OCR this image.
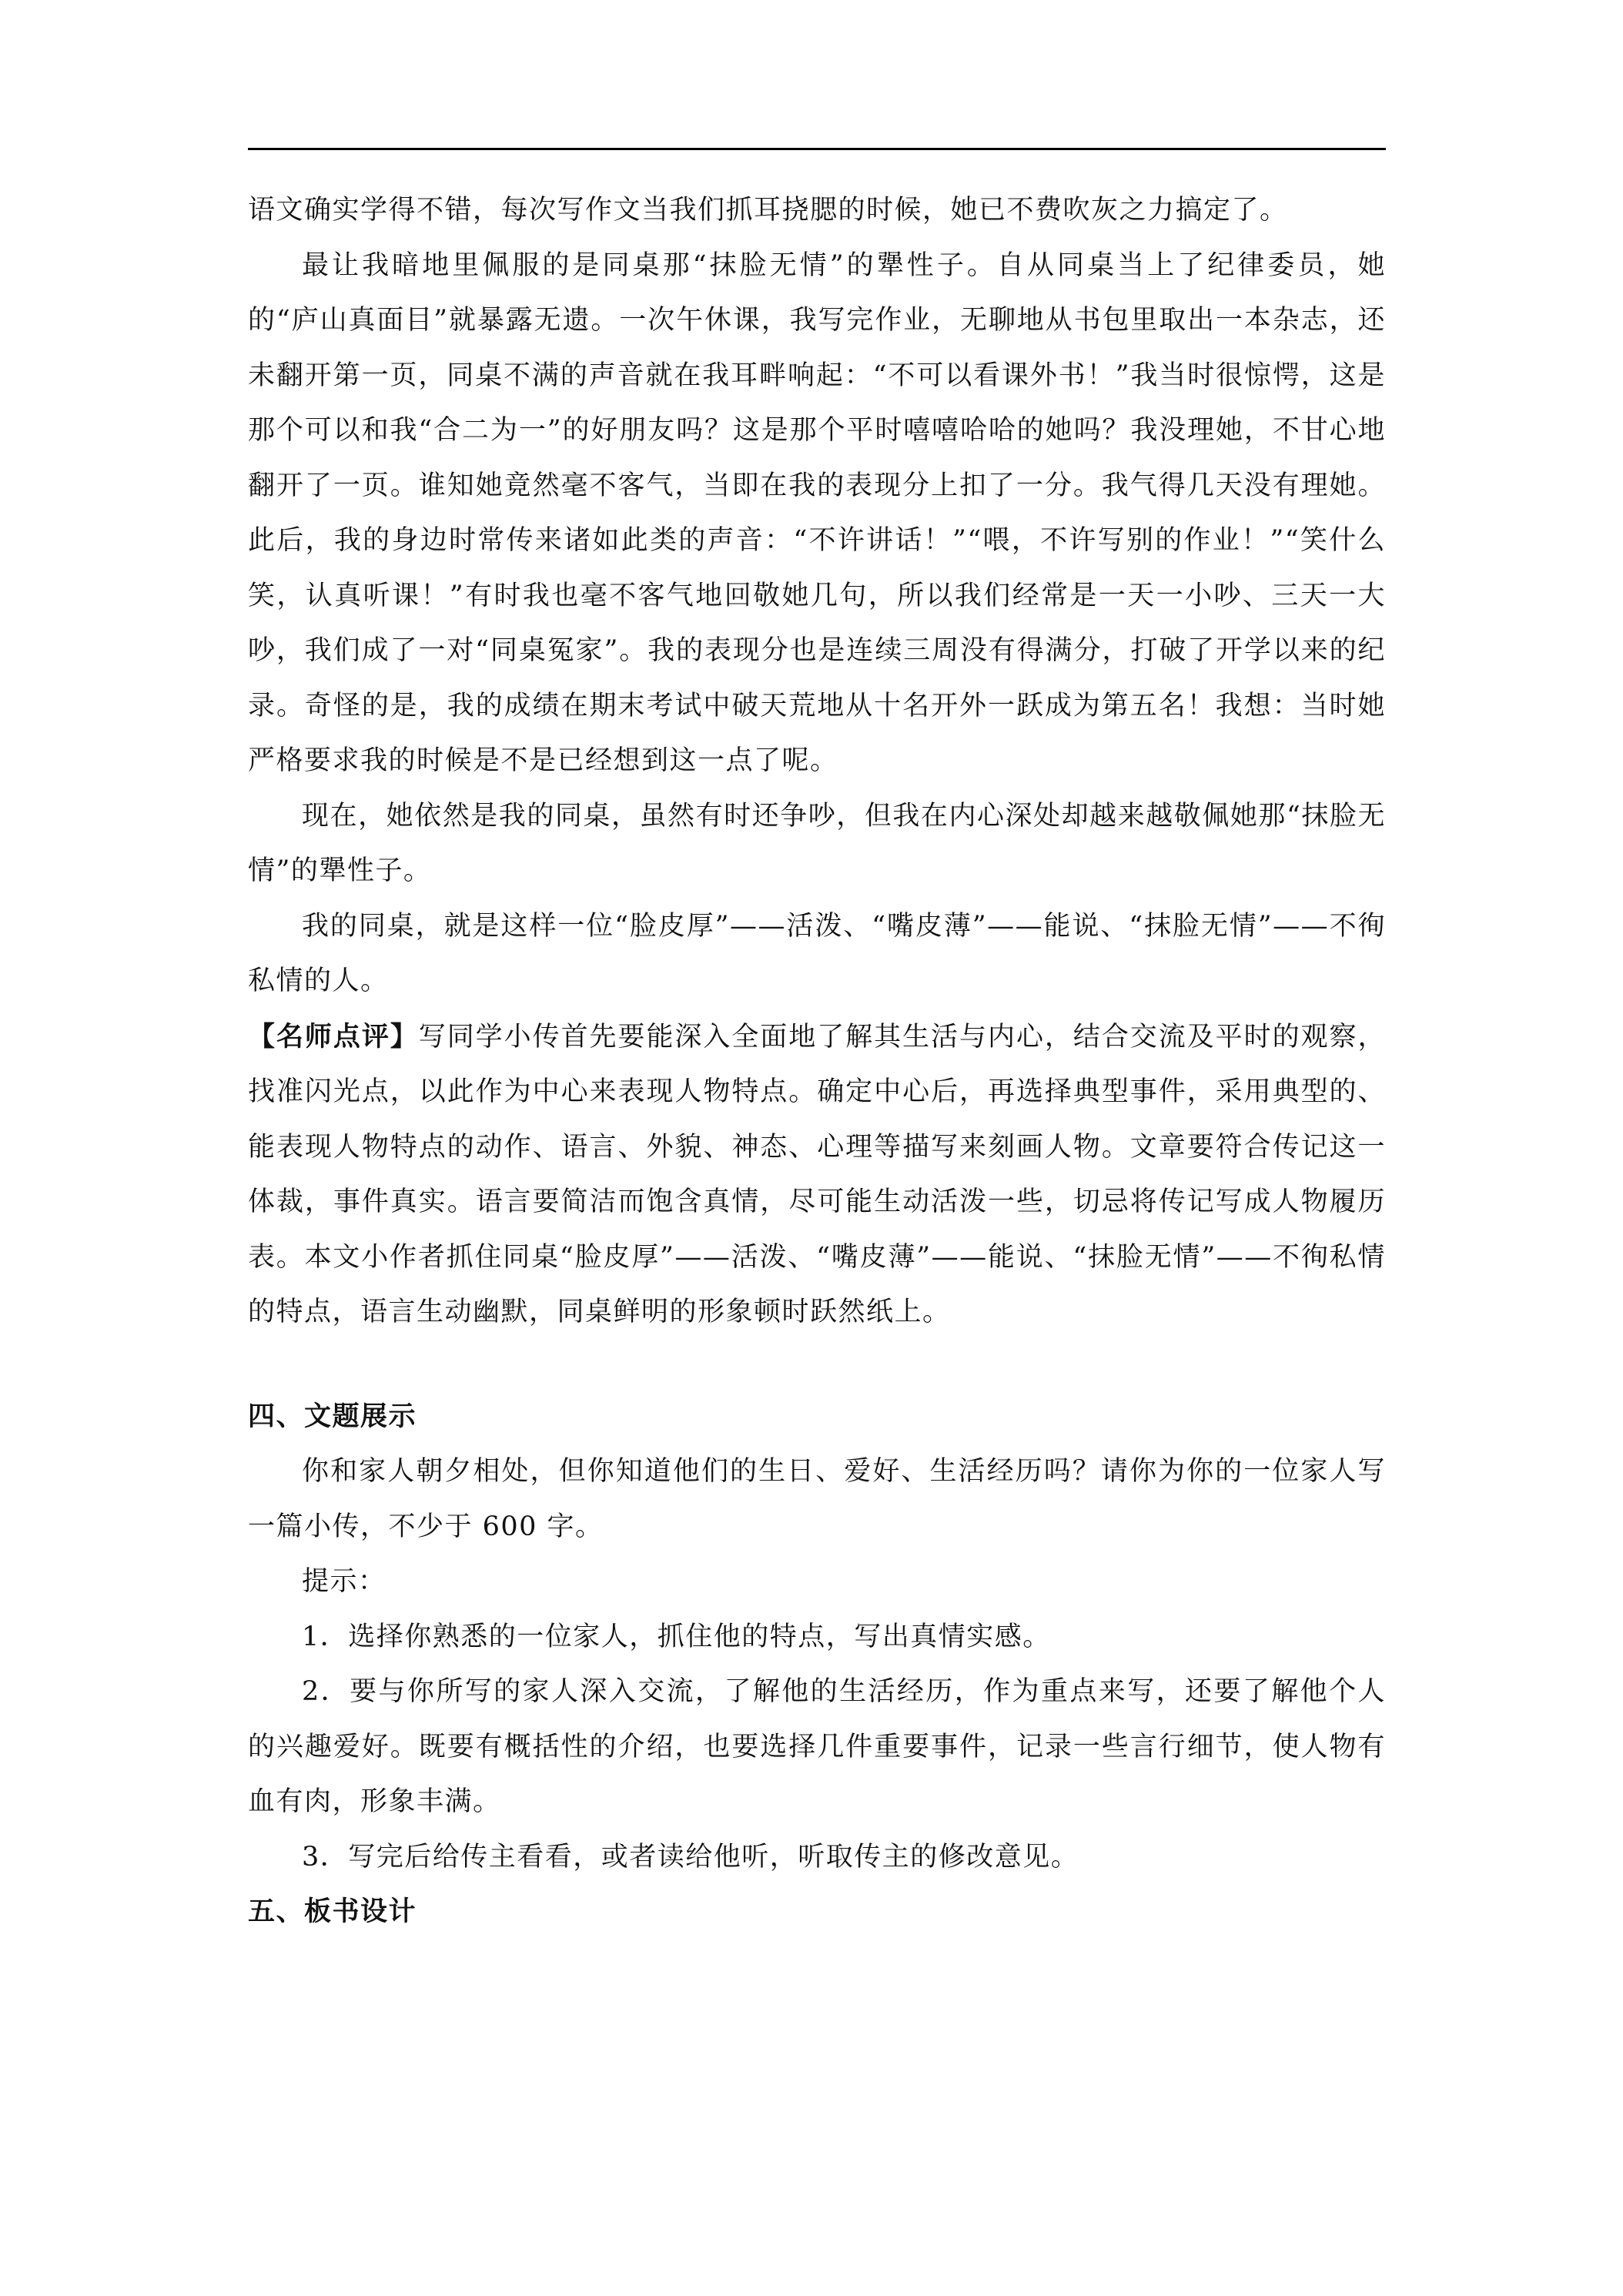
语文确实学得不错，每次写作文当我们抓耳挠腮的时候，她已不费吹灰之力搞定了。

最让我暗地里佩服的是同桌那“抹脸无情”的犟性子。自从同桌当上了纪律委员，她的“庐山真面目”就暴露无遗。一次午休课，我写完作业，无聊地从书包里取出一本杂志，还未翻开第一页，同桌不满的声音就在我耳畔响起：“不可以看课外书！”我当时很惊愕，这是那个可以和我“合二为一”的好朋友吗？这是那个平时嘻嘻哈哈的她吗？我没理她，不甘心地翻开了一页。谁知她竟然毫不客气，当即在我的表现分上扣了一分。我气得几天没有理她。此后，我的身边时常传来诸如此类的声音：“不许讲话！”“喂，不许写别的作业！”“笑什么笑，认真听课！”有时我也毫不客气地回敬她几句，所以我们经常是一天一小吵、三天一大吵，我们成了一对“同桌冤家”。我的表现分也是连续三周没有得满分，打破了开学以来的纪录。奇怪的是，我的成绩在期末考试中破天荒地从十名开外一跃成为第五名！我想：当时她严格要求我的时候是不是已经想到这一点了呢。

现在，她依然是我的同桌，虽然有时还争吵，但我在内心深处却越来越敬佩她那“抹脸无情”的犟性子。

我的同桌，就是这样一位“脸皮厚”——活泼、“嘴皮薄”——能说、“抹脸无情”——不徇私情的人。

【名师点评】写同学小传首先要能深入全面地了解其生活与内心，结合交流及平时的观察，找准闪光点，以此作为中心来表现人物特点。确定中心后，再选择典型事件，采用典型的、能表现人物特点的动作、语言、外貌、神态、心理等描写来刻画人物。文章要符合传记这一体裁，事件真实。语言要简洁而饱含真情，尽可能生动活泼一些，切忌将传记写成人物履历表。本文小作者抓住同桌“脸皮厚”——活泼、“嘴皮薄”——能说、“抹脸无情”——不徇私情的特点，语言生动幽默，同桌鲜明的形象顿时跃然纸上。

四、文题展示

你和家人朝夕相处，但你知道他们的生日、爱好、生活经历吗？请你为你的一位家人写一篇小传，不少于 600 字。

提示：

1．选择你熟悉的一位家人，抓住他的特点，写出真情实感。

2．要与你所写的家人深入交流，了解他的生活经历，作为重点来写，还要了解他个人的兴趣爱好。既要有概括性的介绍，也要选择几件重要事件，记录一些言行细节，使人物有血有肉，形象丰满。

3．写完后给传主看看，或者读给他听，听取传主的修改意见。

五、板书设计
